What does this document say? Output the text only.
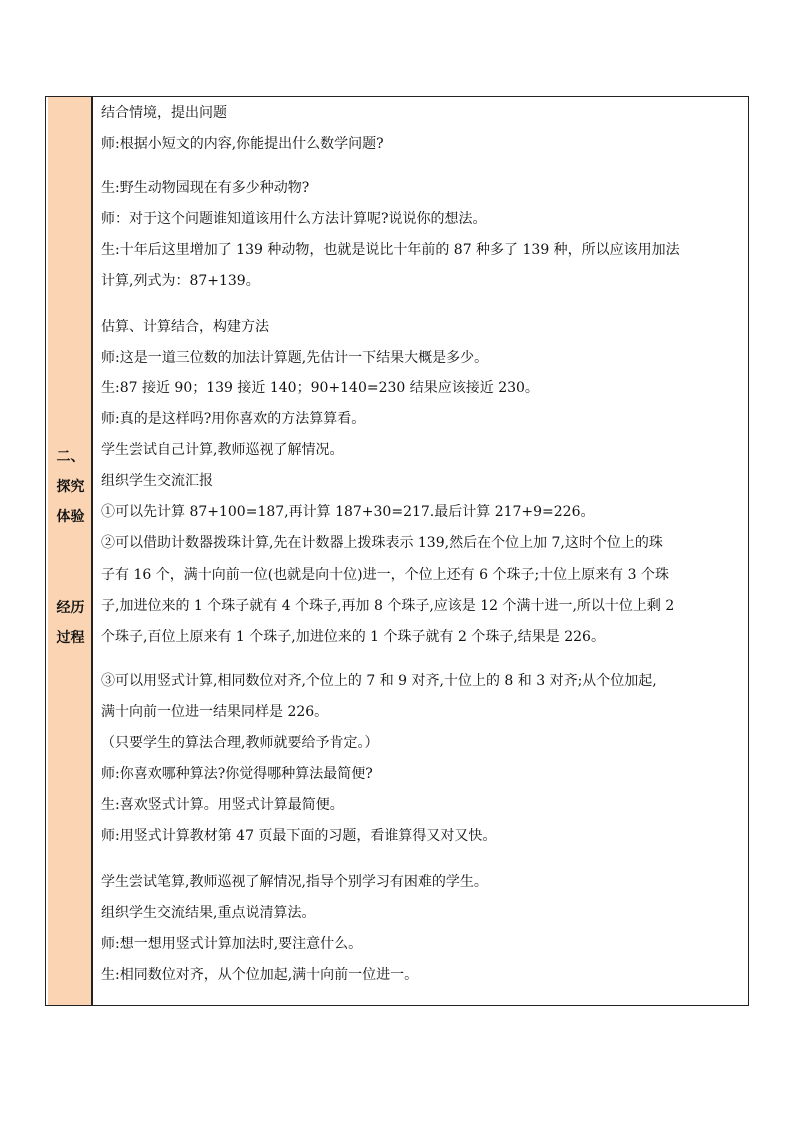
二、
探究
体验
经历
过程
结合情境，提出问题
师:根据小短文的内容,你能提出什么数学问题?
生:野生动物园现在有多少种动物?
师：对于这个问题谁知道该用什么方法计算呢?说说你的想法。
生:十年后这里增加了 139 种动物，也就是说比十年前的 87 种多了 139 种，所以应该用加法
计算,列式为：87+139。
估算、计算结合，构建方法
师:这是一道三位数的加法计算题,先估计一下结果大概是多少。
生:87 接近 90；139 接近 140；90+140=230 结果应该接近 230。
师:真的是这样吗?用你喜欢的方法算算看。
学生尝试自己计算,教师巡视了解情况。
组织学生交流汇报
①可以先计算 87+100=187,再计算 187+30=217.最后计算 217+9=226。
②可以借助计数器拨珠计算,先在计数器上拨珠表示 139,然后在个位上加 7,这时个位上的珠
子有 16 个，满十向前一位(也就是向十位)进一，个位上还有 6 个珠子;十位上原来有 3 个珠
子,加进位来的 1 个珠子就有 4 个珠子,再加 8 个珠子,应该是 12 个满十进一,所以十位上剩 2
个珠子,百位上原来有 1 个珠子,加进位来的 1 个珠子就有 2 个珠子,结果是 226。
③可以用竖式计算,相同数位对齐,个位上的 7 和 9 对齐,十位上的 8 和 3 对齐;从个位加起,
满十向前一位进一结果同样是 226。
（只要学生的算法合理,教师就要给予肯定。）
师:你喜欢哪种算法?你觉得哪种算法最简便?
生:喜欢竖式计算。用竖式计算最简便。
师:用竖式计算教材第 47 页最下面的习题，看谁算得又对又快。
学生尝试笔算,教师巡视了解情况,指导个别学习有困难的学生。
组织学生交流结果,重点说清算法。
师:想一想用竖式计算加法时,要注意什么。
生:相同数位对齐，从个位加起,满十向前一位进一。
